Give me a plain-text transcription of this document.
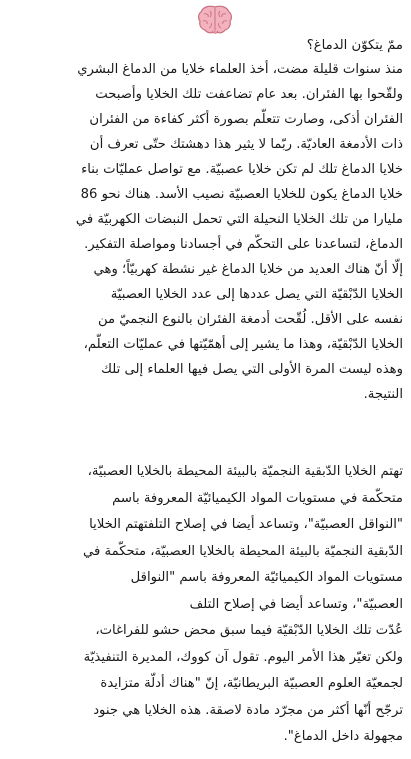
ممّ يتكوّن الدماغ؟
منذ سنوات قليلة مضت، أخذ العلماء خلايا من الدماغ البشري
ولقّحوا بها الفئران. بعد عام تضاعفت تلك الخلايا وأصبحت
الفئران أذكى، وصارت تتعلّم بصورة أكثر كفاءة من الفئران
ذات الأدمغة العاديّة. ربّما لا يثير هذا دهشتك حتّى تعرف أن
خلايا الدماغ تلك لم تكن خلايا عصبيّة. مع تواصل عمليّات بناء
خلايا الدماغ يكون للخلايا العصبيّة نصيب الأسد. هناك نحو 86
مليارا من تلك الخلايا النحيلة التي تحمل النبضات الكهربيّة في
الدماغ، لتساعدنا على التحكّم في أجسادنا ومواصلة التفكير.
إلّا أنّ هناك العديد من خلايا الدماغ غير نشطة كهربيّاً؛ وهي
الخلايا الدّبْقيّة التي يصل عددها إلى عدد الخلايا العصبيّة
نفسه على الأقل. لُقّحت أدمغة الفئران بالنوع النجميّ من
الخلايا الدّبْقيّة، وهذا ما يشير إلى أهمّيّتها في عمليّات التعلّم،
وهذه ليست المرة الأولى التي يصل فيها العلماء إلى تلك
النتيجة.
تهتم الخلايا الدّبقية النجميّة بالبيئة المحيطة بالخلايا العصبيّة،
متحكّمة في مستويات المواد الكيميائيّة المعروفة باسم
"النواقل العصبيّة"، وتساعد أيضا في إصلاح التلفتهتم الخلايا
الدّبقية النجميّة بالبيئة المحيطة بالخلايا العصبيّة، متحكّمة في
مستويات المواد الكيميائيّة المعروفة باسم "النواقل
العصبيّة"، وتساعد أيضا في إصلاح التلف
عُدّت تلك الخلايا الدّبْقيّة فيما سبق محض حشو للفراغات،
ولكن تغيّر هذا الأمر اليوم. تقول آن كووك، المديرة التنفيذيّة
لجمعيّة العلوم العصبيّة البريطانيّة، إنّ "هناك أدلّة متزايدة
ترجّح أنّها أكثر من مجرّد مادة لاصقة. هذه الخلايا هي جنود
مجهولة داخل الدماغ".
